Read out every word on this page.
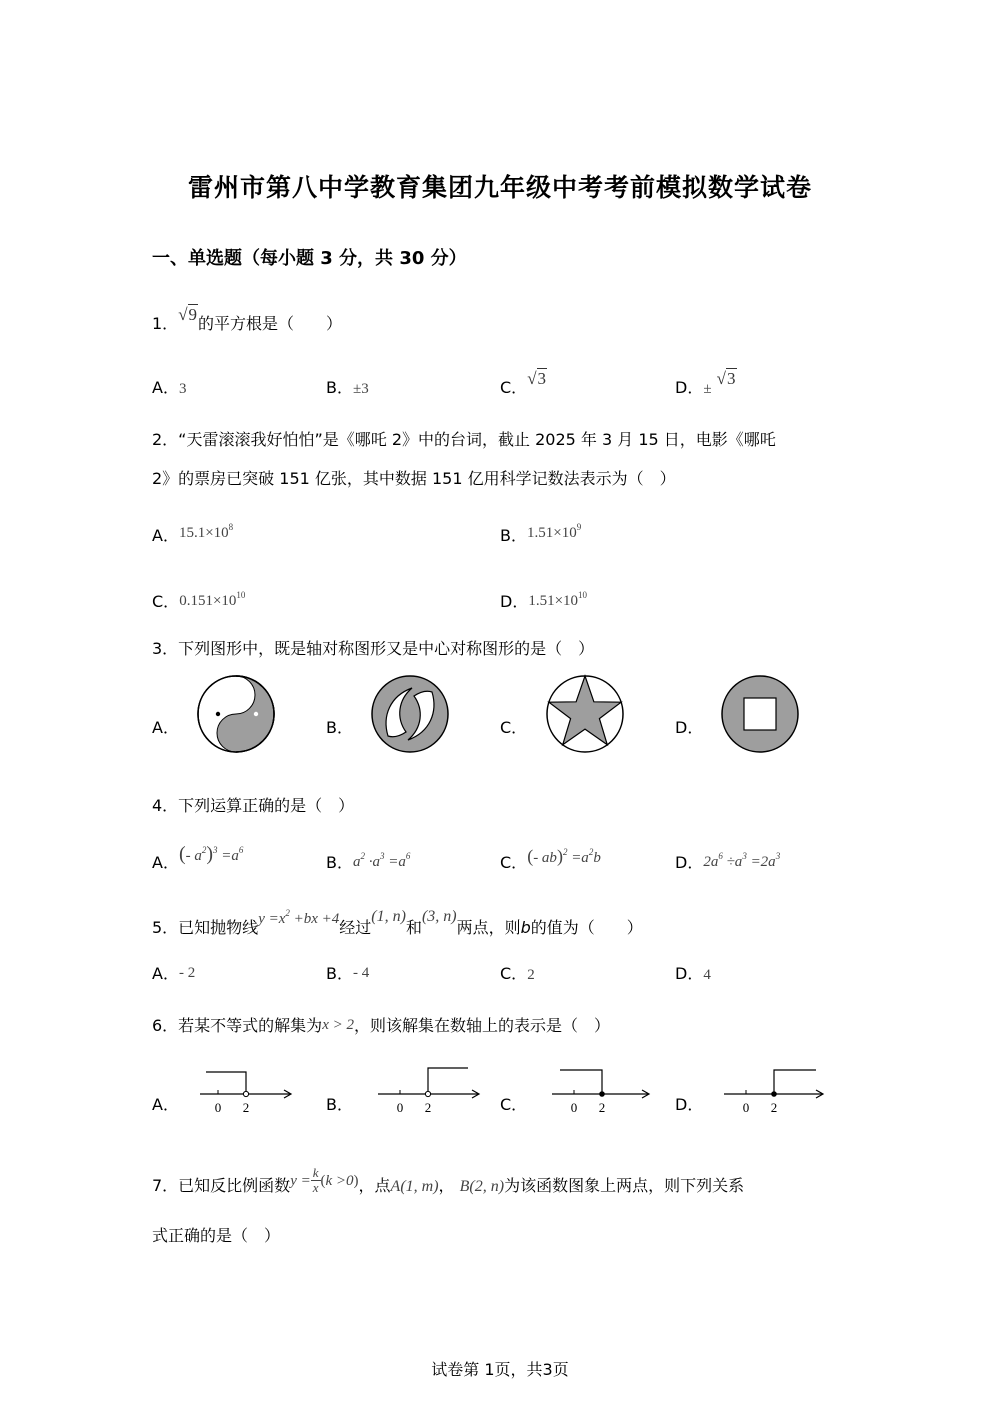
雷州市第八中学教育集团九年级中考考前模拟数学试卷
一、单选题（每小题 3 分，共 30 分）
1．√9的平方根是（　　）
A．3	B．±3	C．√3	D．± √3
2．“天雷滚滚我好怕怕”是《哪吒 2》中的台词，截止 2025 年 3 月 15 日，电影《哪吒
2》的票房已突破 151 亿张，其中数据 151 亿用科学记数法表示为（　）
A．$15.1\times 10^8$	B．$1.51\times 10^9$
C．$0.151\times 10^{10}$	D．$1.51\times 10^{10}$
3．下列图形中，既是轴对称图形又是中心对称图形的是（　）
A．	B．	C．	D．
4．下列运算正确的是（　）
A．(- $a^2)^3 =a^6$
B．$a^2 \cdot a^3 =a^6$	C．(- $ab)^2 =a^2b$	D．$2a^6 \div a^3 =2a^3$
5．已知抛物线$y =x^2 +bx +4$经过(1, n)和(3, n)两点，则b的值为（　　）
A．- 2	B．- 4	C．2	D．4
6．若某不等式的解集为x > 2，则该解集在数轴上的表示是（　）
A．	0 2	B．	0 2	C．	0 2	D．	0 2
7．已知反比例函数$y = \frac{k}{x} (k >0)$，点A(1, m)， B(2, n)为该函数图象上两点，则下列关系
式正确的是（　）
试卷第 1页，共3页
